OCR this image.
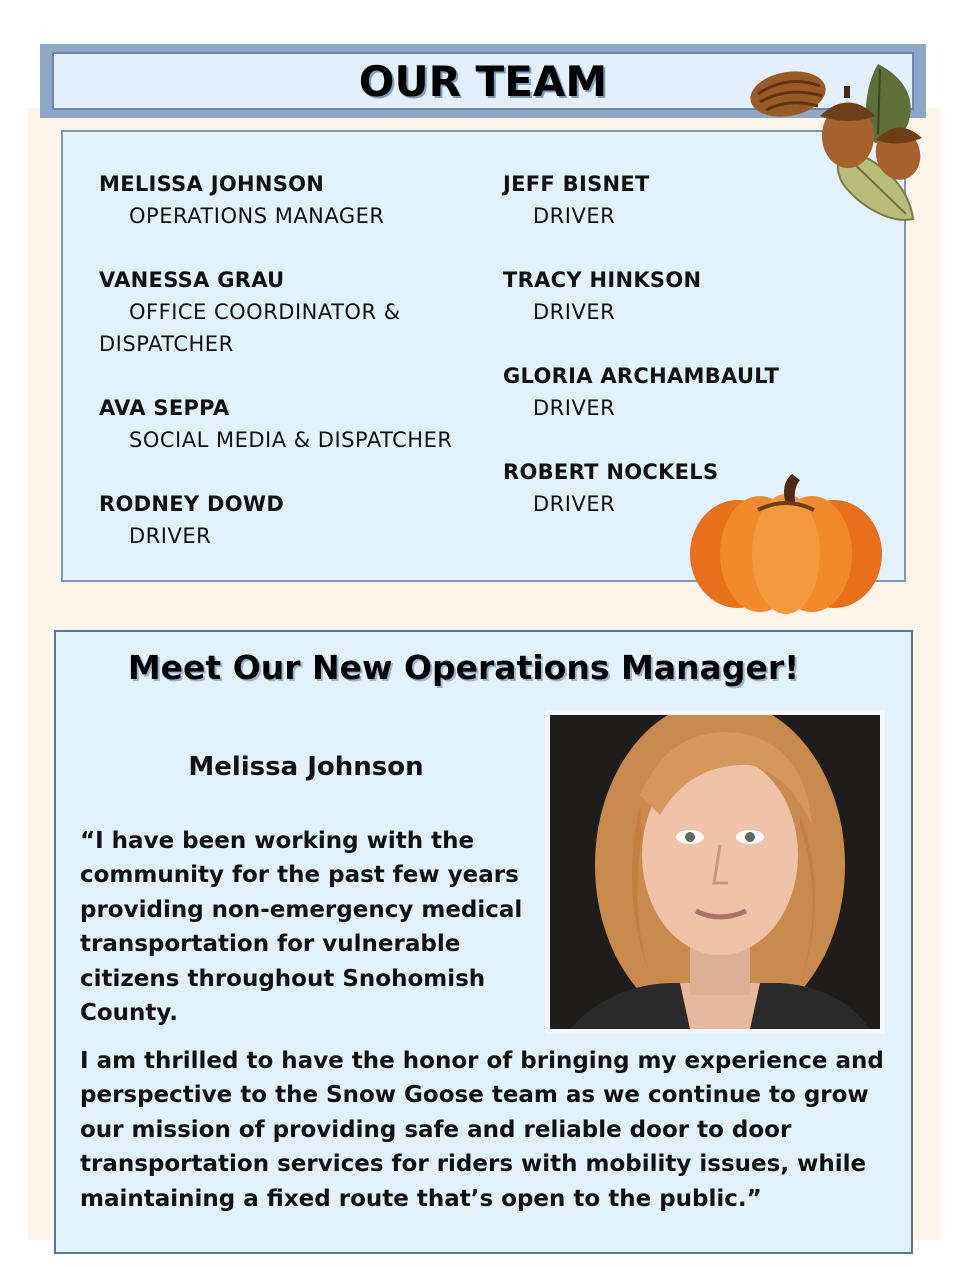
OUR TEAM
MELISSA JOHNSON
OPERATIONS MANAGER
VANESSA GRAU
OFFICE COORDINATOR &
DISPATCHER
AVA SEPPA
SOCIAL MEDIA & DISPATCHER
RODNEY DOWD
DRIVER
JEFF BISNET
DRIVER
TRACY HINKSON
DRIVER
GLORIA ARCHAMBAULT
DRIVER
ROBERT NOCKELS
DRIVER
Meet Our New Operations Manager!
Melissa Johnson
“I have been working with the community for the past few years providing non-emergency medical transportation for vulnerable citizens throughout Snohomish County.
I am thrilled to have the honor of bringing my experience and perspective to the Snow Goose team as we continue to grow our mission of providing safe and reliable door to door transportation services for riders with mobility issues, while maintaining a fixed route that’s open to the public.”
